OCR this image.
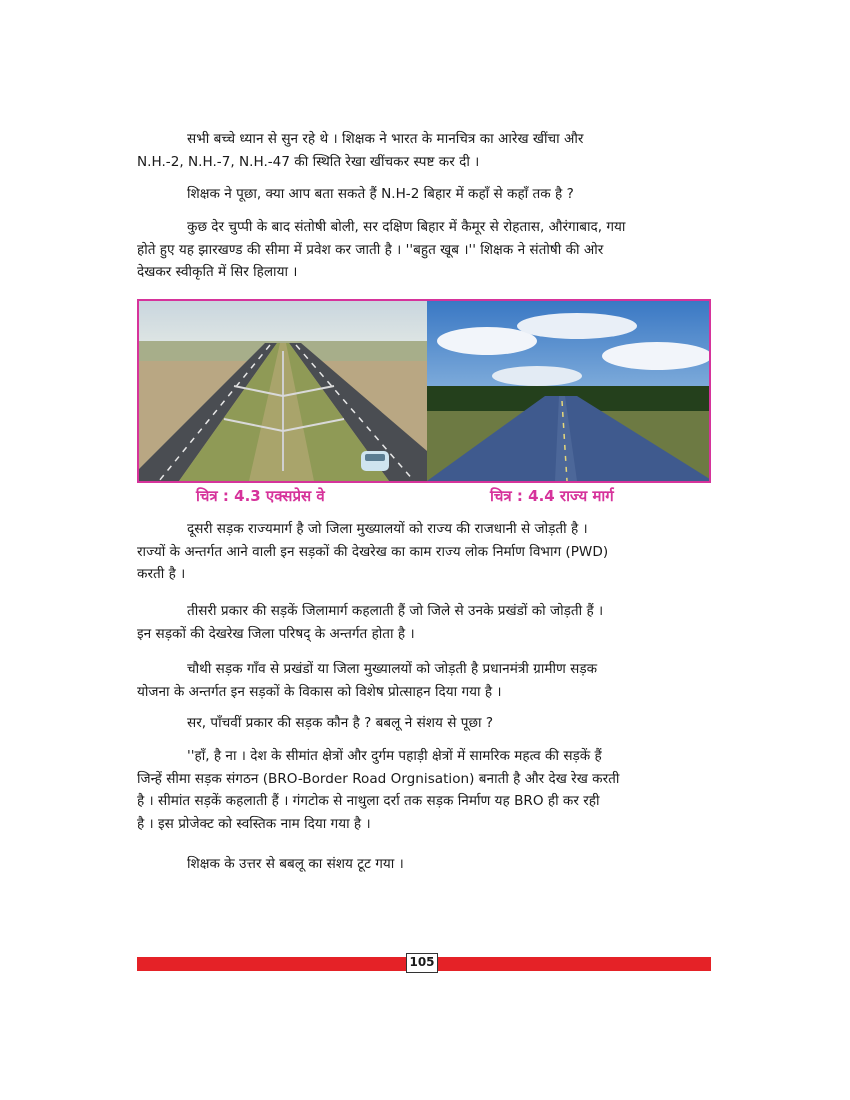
सभी बच्चे ध्यान से सुन रहे थे । शिक्षक ने भारत के मानचित्र का आरेख खींचा और
N.H.-2, N.H.-7, N.H.-47 की स्थिति रेखा खींचकर स्पष्ट कर दी ।

शिक्षक ने पूछा, क्या आप बता सकते हैं N.H-2 बिहार में कहाँ से कहाँ तक है ?

कुछ देर चुप्पी के बाद संतोषी बोली, सर दक्षिण बिहार में कैमूर से रोहतास, औरंगाबाद, गया
होते हुए यह झारखण्ड की सीमा में प्रवेश कर जाती है । ''बहुत खूब ।'' शिक्षक ने संतोषी की ओर
देखकर स्वीकृति में सिर हिलाया ।

चित्र : 4.3 एक्सप्रेस वे	चित्र : 4.4 राज्य मार्ग

दूसरी सड़क राज्यमार्ग है जो जिला मुख्यालयों को राज्य की राजधानी से जोड़ती है ।
राज्यों के अन्तर्गत आने वाली इन सड़कों की देखरेख का काम राज्य लोक निर्माण विभाग (PWD)
करती है ।

तीसरी प्रकार की सड़कें जिलामार्ग कहलाती हैं जो जिले से उनके प्रखंडों को जोड़ती हैं ।
इन सड़कों की देखरेख जिला परिषद् के अन्तर्गत होता है ।

चौथी सड़क गाँव से प्रखंडों या जिला मुख्यालयों को जोड़ती है प्रधानमंत्री ग्रामीण सड़क
योजना के अन्तर्गत इन सड़कों के विकास को विशेष प्रोत्साहन दिया गया है ।

सर, पाँचवीं प्रकार की सड़क कौन है ? बबलू ने संशय से पूछा ?

''हाँ, है ना । देश के सीमांत क्षेत्रों और दुर्गम पहाड़ी क्षेत्रों में सामरिक महत्व की सड़कें हैं
जिन्हें सीमा सड़क संगठन (BRO-Border Road Orgnisation) बनाती है और देख रेख करती
है । सीमांत सड़कें कहलाती हैं । गंगटोक से नाथुला दर्रा तक सड़क निर्माण यह BRO ही कर रही
है । इस प्रोजेक्ट को स्वस्तिक नाम दिया गया है ।

शिक्षक के उत्तर से बबलू का संशय टूट गया ।

105
